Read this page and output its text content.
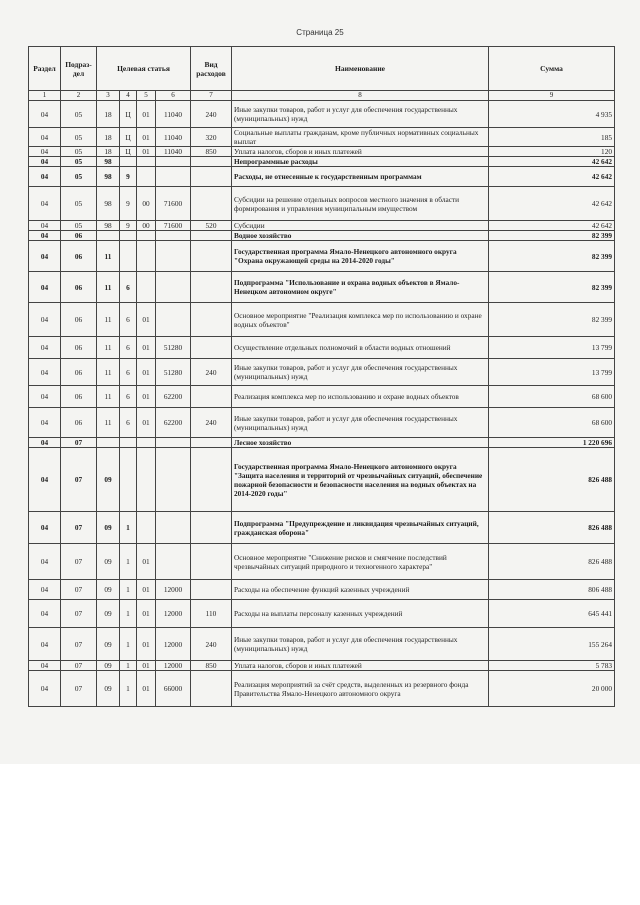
Страница 25
Раздел	Подраз-дел	Целевая статья				Вид расходов	Наименование	Сумма
1	2	3	4	5	6	7	8	9
04	05	18	Ц	01	11040	240	Иные закупки товаров, работ и услуг для обеспечения государственных (муниципальных) нужд	4 935
04	05	18	Ц	01	11040	320	Социальные выплаты гражданам, кроме публичных нормативных социальных выплат	185
04	05	18	Ц	01	11040	850	Уплата налогов, сборов и иных платежей	120
04	05	98					Непрограммные расходы	42 642
04	05	98	9				Расходы, не отнесенные к государственным программам	42 642
04	05	98	9	00	71600		Субсидии на решение отдельных вопросов местного значения в области формирования и управления муниципальным имуществом	42 642
04	05	98	9	00	71600	520	Субсидии	42 642
04	06						Водное хозяйство	82 399
04	06	11					Государственная программа Ямало-Ненецкого автономного округа "Охрана окружающей среды на 2014-2020 годы"	82 399
04	06	11	6				Подпрограмма "Использование и охрана водных объектов в Ямало-Ненецком автономном округе"	82 399
04	06	11	6	01			Основное мероприятие "Реализация комплекса мер по использованию и охране водных объектов"	82 399
04	06	11	6	01	51280		Осуществление отдельных полномочий в области водных отношений	13 799
04	06	11	6	01	51280	240	Иные закупки товаров, работ и услуг для обеспечения государственных (муниципальных) нужд	13 799
04	06	11	6	01	62200		Реализация комплекса мер по использованию и охране водных объектов	68 600
04	06	11	6	01	62200	240	Иные закупки товаров, работ и услуг для обеспечения государственных (муниципальных) нужд	68 600
04	07						Лесное хозяйство	1 220 696
04	07	09					Государственная программа Ямало-Ненецкого автономного округа "Защита населения и территорий от чрезвычайных ситуаций, обеспечение пожарной безопасности и безопасности населения на водных объектах на 2014-2020 годы"	826 488
04	07	09	1				Подпрограмма "Предупреждение и ликвидация чрезвычайных ситуаций, гражданская оборона"	826 488
04	07	09	1	01			Основное мероприятие "Снижение рисков и смягчение последствий чрезвычайных ситуаций природного и техногенного характера"	826 488
04	07	09	1	01	12000		Расходы на обеспечение функций казенных учреждений	806 488
04	07	09	1	01	12000	110	Расходы на выплаты персоналу казенных учреждений	645 441
04	07	09	1	01	12000	240	Иные закупки товаров, работ и услуг для обеспечения государственных (муниципальных) нужд	155 264
04	07	09	1	01	12000	850	Уплата налогов, сборов и иных платежей	5 783
04	07	09	1	01	66000		Реализация мероприятий за счёт средств, выделенных из резервного фонда Правительства Ямало-Ненецкого автономного округа	20 000
